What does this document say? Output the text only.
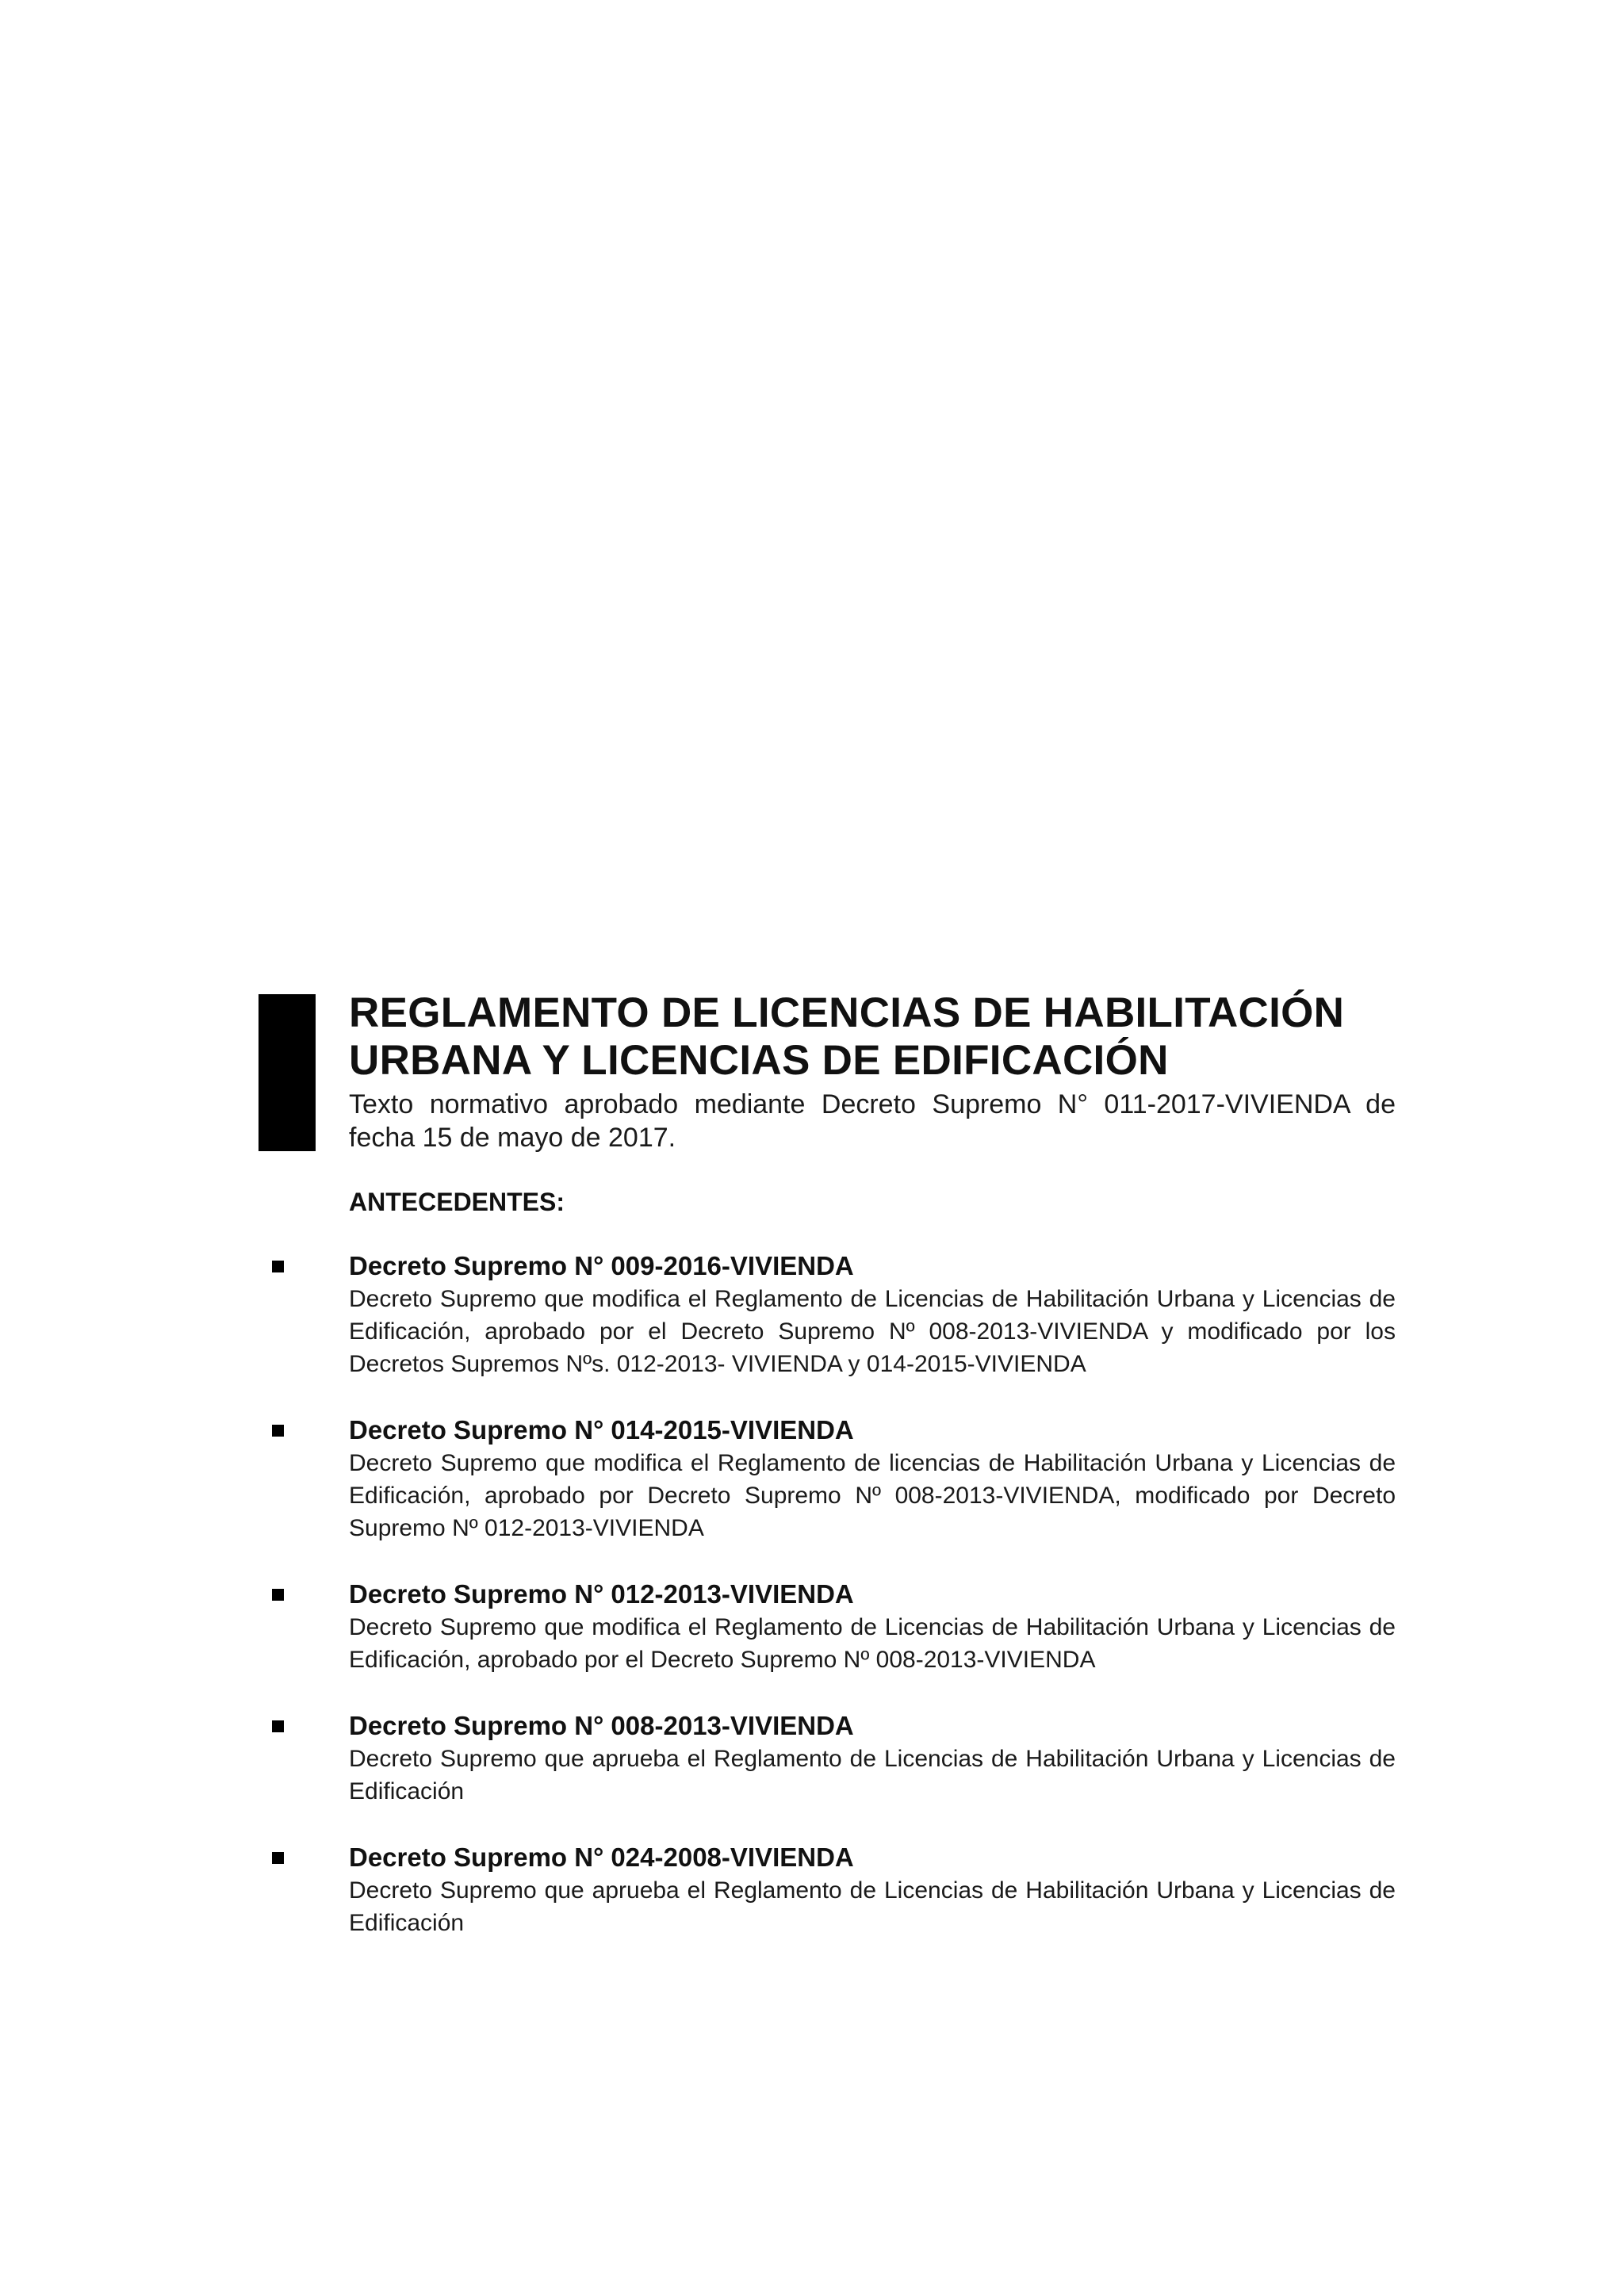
REGLAMENTO DE LICENCIAS DE HABILITACIÓN
URBANA Y LICENCIAS DE EDIFICACIÓN
Texto normativo aprobado mediante Decreto Supremo N° 011-2017-VIVIENDA de fecha 15 de mayo de 2017.
ANTECEDENTES:
Decreto Supremo N° 009-2016-VIVIENDA
Decreto Supremo que modifica el Reglamento de Licencias de Habilitación Urbana y Licencias de Edificación, aprobado por el Decreto Supremo Nº 008-2013-VIVIENDA y modificado por los Decretos Supremos Nºs. 012-2013- VIVIENDA y 014-2015-VIVIENDA
Decreto Supremo N° 014-2015-VIVIENDA
Decreto Supremo que modifica el Reglamento de licencias de Habilitación Urbana y Licencias de Edificación, aprobado por Decreto Supremo Nº 008-2013-VIVIENDA, modificado por Decreto Supremo Nº 012-2013-VIVIENDA
Decreto Supremo N° 012-2013-VIVIENDA
Decreto Supremo que modifica el Reglamento de Licencias de Habilitación Urbana y Licencias de Edificación, aprobado por el Decreto Supremo Nº 008-2013-VIVIENDA
Decreto Supremo N° 008-2013-VIVIENDA
Decreto Supremo que aprueba el Reglamento de Licencias de Habilitación Urbana y Licencias de Edificación
Decreto Supremo N° 024-2008-VIVIENDA
Decreto Supremo que aprueba el Reglamento de Licencias de Habilitación Urbana y Licencias de Edificación
